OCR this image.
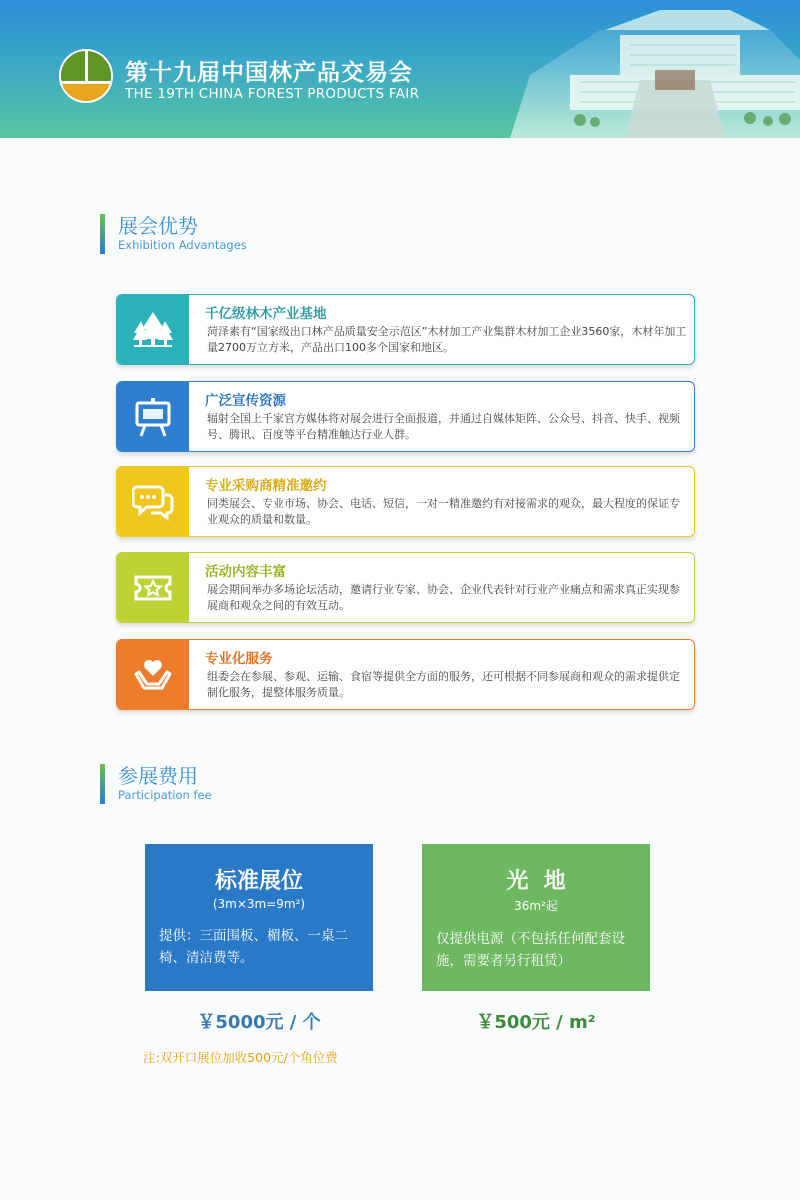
第十九届中国林产品交易会
THE 19TH CHINA FOREST PRODUCTS FAIR
展会优势
Exhibition Advantages
千亿级林木产业基地
菏泽素有“国家级出口林产品质量安全示范区”木材加工产业集群木材加工企业3560家，木材年加工量2700万立方米，产品出口100多个国家和地区。
广泛宣传资源
辐射全国上千家官方媒体将对展会进行全面报道，并通过自媒体矩阵、公众号、抖音、快手、视频号、腾讯、百度等平台精准触达行业人群。
专业采购商精准邀约
同类展会、专业市场、协会、电话、短信，一对一精准邀约有对接需求的观众，最大程度的保证专业观众的质量和数量。
活动内容丰富
展会期间举办多场论坛活动，邀请行业专家、协会、企业代表针对行业产业痛点和需求真正实现参展商和观众之间的有效互动。
专业化服务
组委会在参展、参观、运输、食宿等提供全方面的服务，还可根据不同参展商和观众的需求提供定制化服务，提整体服务质量。
参展费用
Participation fee
标准展位
(3m×3m=9m²)
提供：三面围板、楣板、一桌二椅、清洁费等。
光  地
36m²起
仅提供电源（不包括任何配套设施，需要者另行租赁）
￥5000元 / 个	￥500元 / m²
注:双开口展位加收500元/个角位费
